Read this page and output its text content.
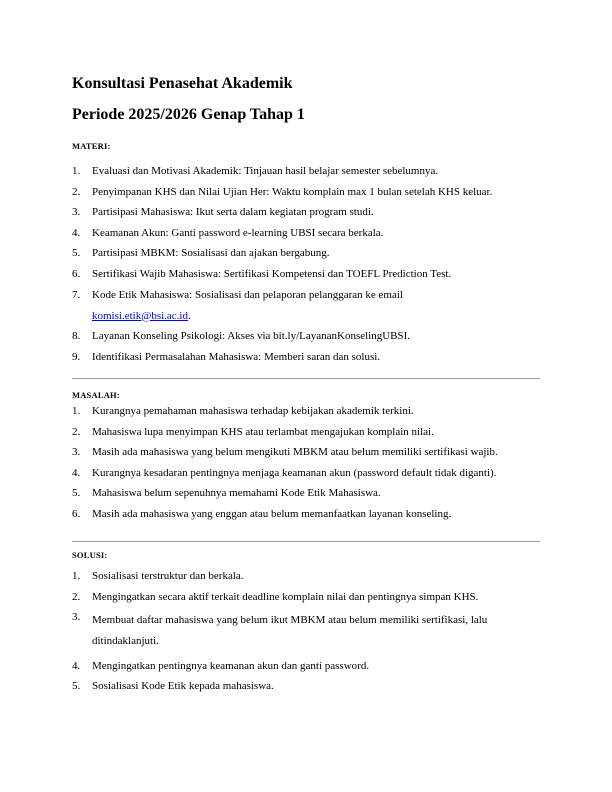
Konsultasi Penasehat Akademik
Periode 2025/2026 Genap Tahap 1
MATERI:
1. Evaluasi dan Motivasi Akademik: Tinjauan hasil belajar semester sebelumnya.
2. Penyimpanan KHS dan Nilai Ujian Her: Waktu komplain max 1 bulan setelah KHS keluar.
3. Partisipasi Mahasiswa: Ikut serta dalam kegiatan program studi.
4. Keamanan Akun: Ganti password e-learning UBSI secara berkala.
5. Partisipasi MBKM: Sosialisasi dan ajakan bergabung.
6. Sertifikasi Wajib Mahasiswa: Sertifikasi Kompetensi dan TOEFL Prediction Test.
7. Kode Etik Mahasiswa: Sosialisasi dan pelaporan pelanggaran ke email
komisi.etik@bsi.ac.id.
8. Layanan Konseling Psikologi: Akses via bit.ly/LayananKonselingUBSI.
9. Identifikasi Permasalahan Mahasiswa: Memberi saran dan solusi.
MASALAH:
1. Kurangnya pemahaman mahasiswa terhadap kebijakan akademik terkini.
2. Mahasiswa lupa menyimpan KHS atau terlambat mengajukan komplain nilai.
3. Masih ada mahasiswa yang belum mengikuti MBKM atau belum memiliki sertifikasi wajib.
4. Kurangnya kesadaran pentingnya menjaga keamanan akun (password default tidak diganti).
5. Mahasiswa belum sepenuhnya memahami Kode Etik Mahasiswa.
6. Masih ada mahasiswa yang enggan atau belum memanfaatkan layanan konseling.
SOLUSI:
1. Sosialisasi terstruktur dan berkala.
2. Mengingatkan secara aktif terkait deadline komplain nilai dan pentingnya simpan KHS.
3. Membuat daftar mahasiswa yang belum ikut MBKM atau belum memiliki sertifikasi, lalu ditindaklanjuti.
4. Mengingatkan pentingnya keamanan akun dan ganti password.
5. Sosialisasi Kode Etik kepada mahasiswa.
